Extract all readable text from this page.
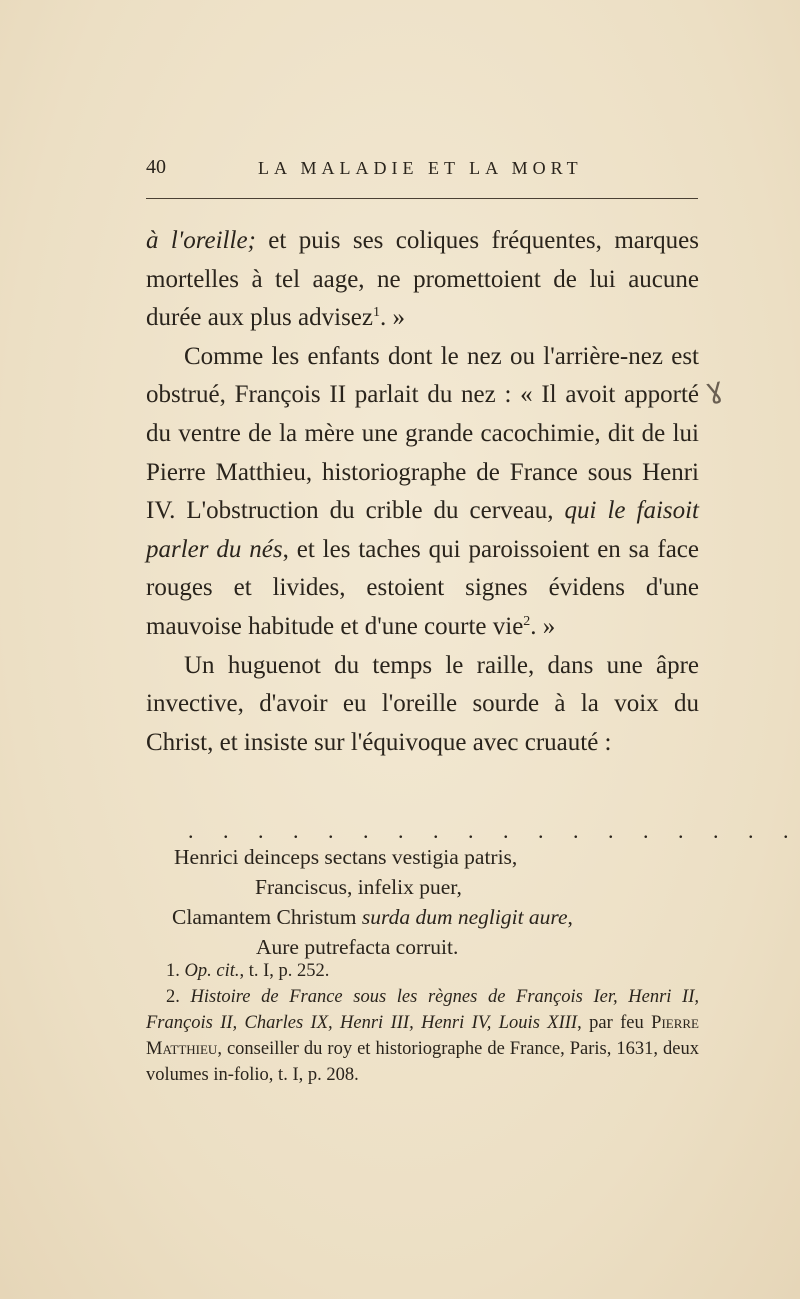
40	LA MALADIE ET LA MORT

à l'oreille; et puis ses coliques fréquentes, marques mortelles à tel aage, ne promettoient de lui aucune durée aux plus advisez$^1$. »

Comme les enfants dont le nez ou l'arrière-nez est obstrué, François II parlait du nez : « Il avoit apporté du ventre de la mère une grande cacochimie, dit de lui Pierre Matthieu, historiographe de France sous Henri IV. L'obstruction du crible du cerveau, qui le faisoit parler du nés, et les taches qui paroissoient en sa face rouges et livides, estoient signes évidens d'une mauvoise habitude et d'une courte vie$^2$. »

Un huguenot du temps le raille, dans une âpre invective, d'avoir eu l'oreille sourde à la voix du Christ, et insiste sur l'équivoque avec cruauté :

. . . . . . . . . . . . . . . . . .
Henrici deinceps sectans vestigia patris,
Franciscus, infelix puer,
Clamantem Christum surda dum negligit aure,
Aure putrefacta corruit.

1. Op. cit., t. I, p. 252.

2. Histoire de France sous les règnes de François Ier, Henri II, François II, Charles IX, Henri III, Henri IV, Louis XIII, par feu Pierre Matthieu, conseiller du roy et historiographe de France, Paris, 1631, deux volumes in-folio, t. I, p. 208.

ɣ
